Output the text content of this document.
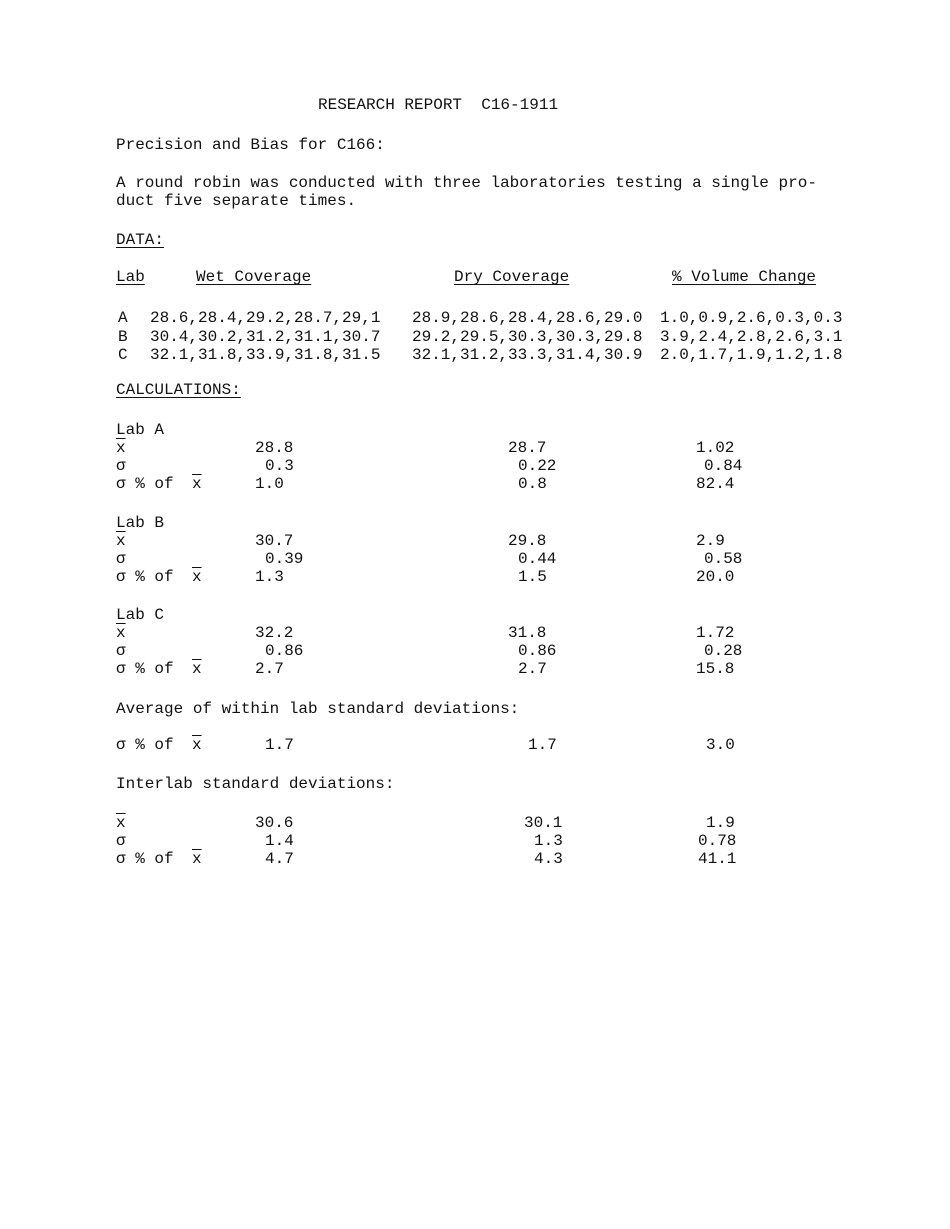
RESEARCH REPORT  C16-1911
Precision and Bias for C166:
A round robin was conducted with three laboratories testing a single pro-
duct five separate times.
DATA:
Lab	Wet Coverage	Dry Coverage	% Volume Change
CALCULATIONS:
Average of within lab standard deviations:
Interlab standard deviations:
A 28.6,28.4,29.2,28.7,29,1 28.9,28.6,28.4,28.6,29.0 1.0,0.9,2.6,0.3,0.3
B 30.4,30.2,31.2,31.1,30.7 29.2,29.5,30.3,30.3,29.8 3.9,2.4,2.8,2.6,3.1
C 32.1,31.8,33.9,31.8,31.5 32.1,31.2,33.3,31.4,30.9 2.0,1.7,1.9,1.2,1.8
Lab A
$\overline{x}$	28.8	28.7	1.02
σ	0.3	0.22	0.84
σ % of $\overline{x}$	1.0	0.8	82.4
Lab B
$\overline{x}$	30.7	29.8	2.9
σ	0.39	0.44	0.58
σ % of $\overline{x}$	1.3	1.5	20.0
Lab C
$\overline{x}$	32.2	31.8	1.72
σ	0.86	0.86	0.28
σ % of $\overline{x}$	2.7	2.7	15.8
σ % of $\overline{x}$	1.7	1.7	3.0
$\overline{x}$	30.6	30.1	1.9
σ	1.4	1.3	0.78
σ % of $\overline{x}$	4.7	4.3	41.1
